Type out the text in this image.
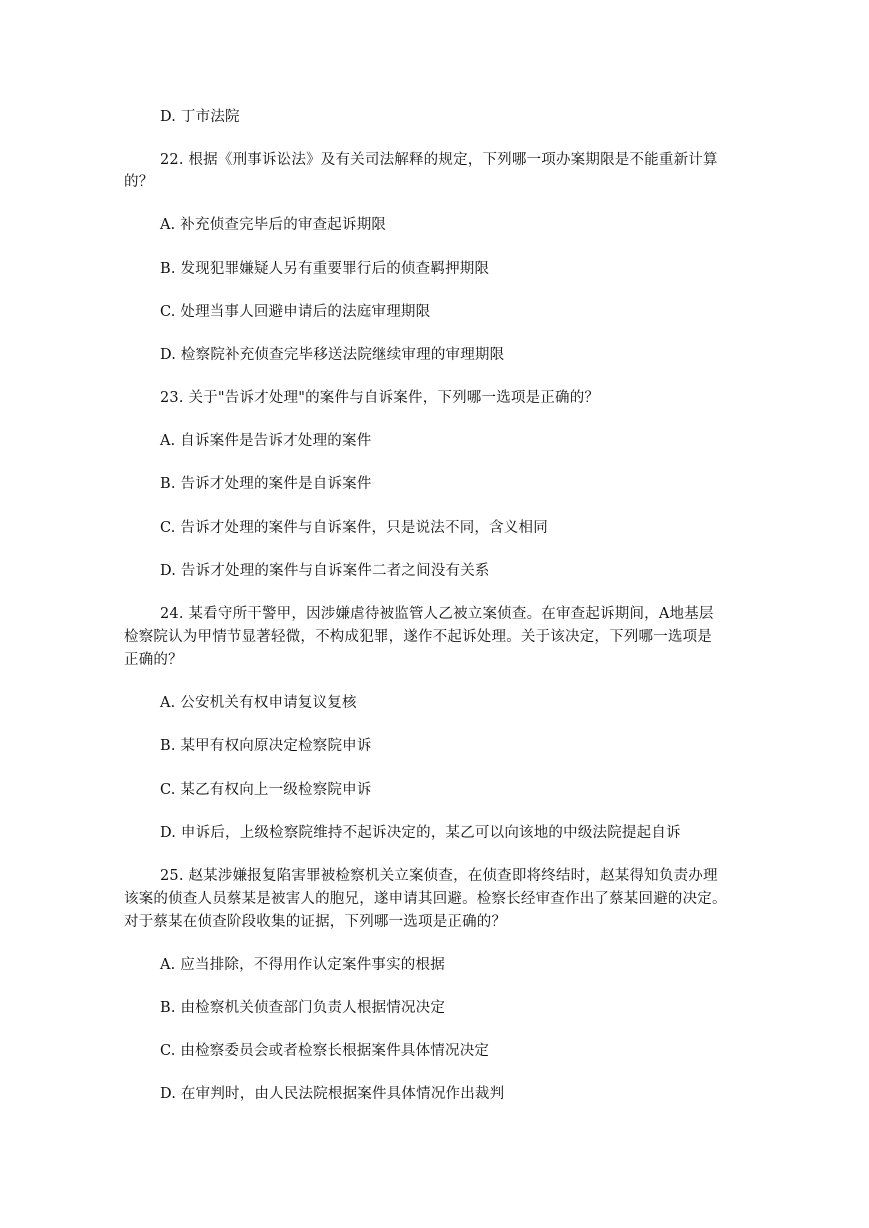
D. 丁市法院
22. 根据《刑事诉讼法》及有关司法解释的规定，下列哪一项办案期限是不能重新计算
的？
A. 补充侦查完毕后的审查起诉期限
B. 发现犯罪嫌疑人另有重要罪行后的侦查羁押期限
C. 处理当事人回避申请后的法庭审理期限
D. 检察院补充侦查完毕移送法院继续审理的审理期限
23. 关于"告诉才处理"的案件与自诉案件，下列哪一选项是正确的？
A. 自诉案件是告诉才处理的案件
B. 告诉才处理的案件是自诉案件
C. 告诉才处理的案件与自诉案件，只是说法不同，含义相同
D. 告诉才处理的案件与自诉案件二者之间没有关系
24. 某看守所干警甲，因涉嫌虐待被监管人乙被立案侦查。在审查起诉期间，A地基层
检察院认为甲情节显著轻微，不构成犯罪，遂作不起诉处理。关于该决定，下列哪一选项是
正确的？
A. 公安机关有权申请复议复核
B. 某甲有权向原决定检察院申诉
C. 某乙有权向上一级检察院申诉
D. 申诉后，上级检察院维持不起诉决定的，某乙可以向该地的中级法院提起自诉
25. 赵某涉嫌报复陷害罪被检察机关立案侦查，在侦查即将终结时，赵某得知负责办理
该案的侦查人员蔡某是被害人的胞兄，遂申请其回避。检察长经审查作出了蔡某回避的决定。
对于蔡某在侦查阶段收集的证据，下列哪一选项是正确的？
A. 应当排除，不得用作认定案件事实的根据
B. 由检察机关侦查部门负责人根据情况决定
C. 由检察委员会或者检察长根据案件具体情况决定
D. 在审判时，由人民法院根据案件具体情况作出裁判
